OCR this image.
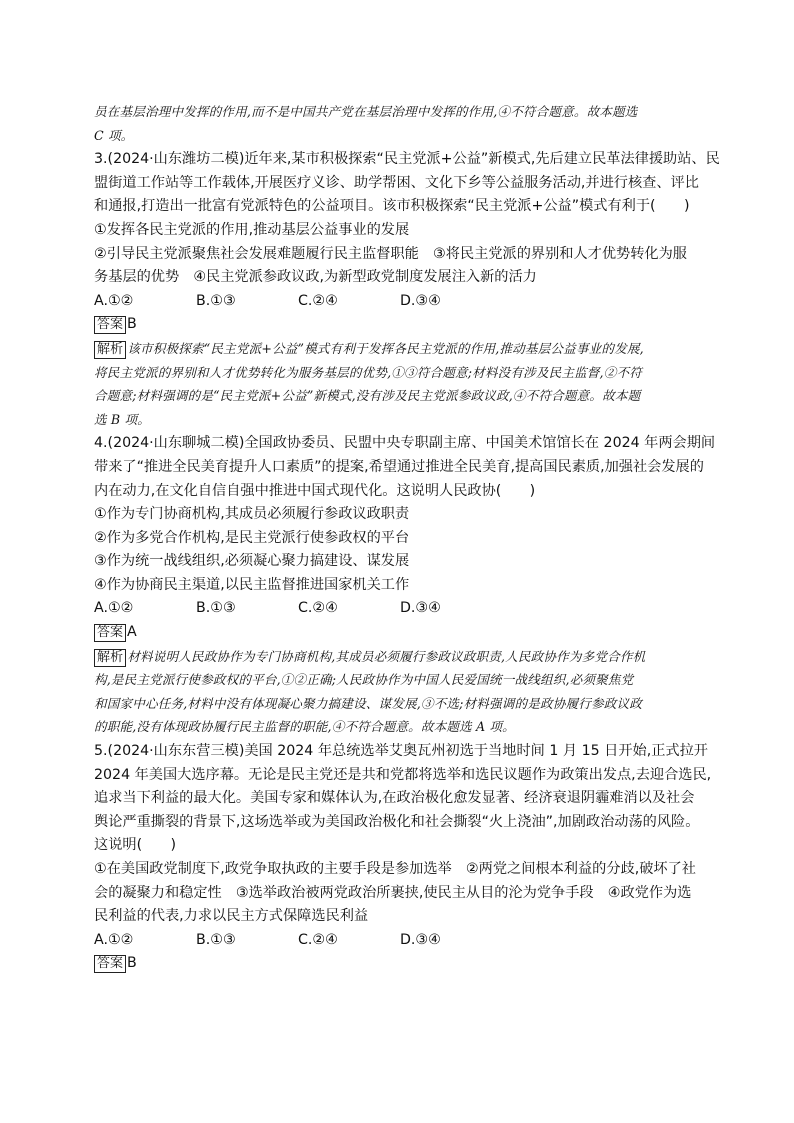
员在基层治理中发挥的作用,而不是中国共产党在基层治理中发挥的作用,④不符合题意。故本题选
C 项。
3.(2024·山东潍坊二模)近年来,某市积极探索“民主党派+公益”新模式,先后建立民革法律援助站、民
盟街道工作站等工作载体,开展医疗义诊、助学帮困、文化下乡等公益服务活动,并进行核查、评比
和通报,打造出一批富有党派特色的公益项目。该市积极探索“民主党派+公益”模式有利于(　　)
①发挥各民主党派的作用,推动基层公益事业的发展
②引导民主党派聚焦社会发展难题履行民主监督职能　③将民主党派的界别和人才优势转化为服
务基层的优势　④民主党派参政议政,为新型政党制度发展注入新的活力
A.①②	B.①③	C.②④	D.③④
答案 B
解析 该市积极探索“民主党派+公益”模式有利于发挥各民主党派的作用,推动基层公益事业的发展,
将民主党派的界别和人才优势转化为服务基层的优势,①③符合题意;材料没有涉及民主监督,②不符
合题意;材料强调的是“民主党派+公益”新模式,没有涉及民主党派参政议政,④不符合题意。故本题
选 B 项。
4.(2024·山东聊城二模)全国政协委员、民盟中央专职副主席、中国美术馆馆长在 2024 年两会期间
带来了“推进全民美育提升人口素质”的提案,希望通过推进全民美育,提高国民素质,加强社会发展的
内在动力,在文化自信自强中推进中国式现代化。这说明人民政协(　　)
①作为专门协商机构,其成员必须履行参政议政职责
②作为多党合作机构,是民主党派行使参政权的平台
③作为统一战线组织,必须凝心聚力搞建设、谋发展
④作为协商民主渠道,以民主监督推进国家机关工作
A.①②	B.①③	C.②④	D.③④
答案 A
解析 材料说明人民政协作为专门协商机构,其成员必须履行参政议政职责,人民政协作为多党合作机
构,是民主党派行使参政权的平台,①②正确;人民政协作为中国人民爱国统一战线组织,必须聚焦党
和国家中心任务,材料中没有体现凝心聚力搞建设、谋发展,③不选;材料强调的是政协履行参政议政
的职能,没有体现政协履行民主监督的职能,④不符合题意。故本题选 A 项。
5.(2024·山东东营三模)美国 2024 年总统选举艾奥瓦州初选于当地时间 1 月 15 日开始,正式拉开
2024 年美国大选序幕。无论是民主党还是共和党都将选举和选民议题作为政策出发点,去迎合选民,
追求当下利益的最大化。美国专家和媒体认为,在政治极化愈发显著、经济衰退阴霾难消以及社会
舆论严重撕裂的背景下,这场选举或为美国政治极化和社会撕裂“火上浇油”,加剧政治动荡的风险。
这说明(　　)
①在美国政党制度下,政党争取执政的主要手段是参加选举　②两党之间根本利益的分歧,破坏了社
会的凝聚力和稳定性　③选举政治被两党政治所裹挟,使民主从目的沦为党争手段　④政党作为选
民利益的代表,力求以民主方式保障选民利益
A.①②	B.①③	C.②④	D.③④
答案 B
